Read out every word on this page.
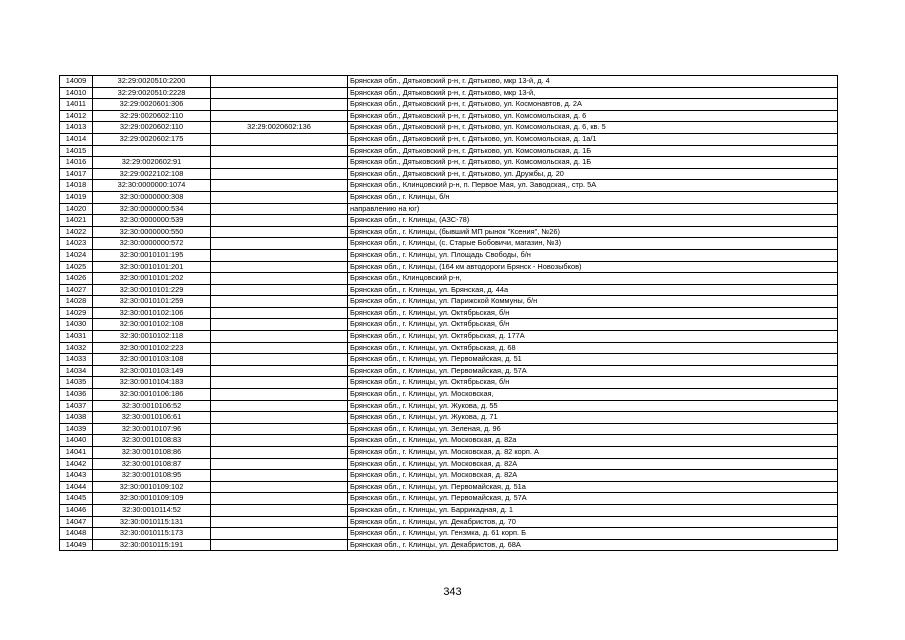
14009	32:29:0020510:2200		Брянская обл., Дятьковский р-н, г. Дятьково, мкр 13-й, д. 4
14010	32:29:0020510:2228		Брянская обл., Дятьковский р-н, г. Дятьково, мкр 13-й,
14011	32:29:0020601:306		Брянская обл., Дятьковский р-н, г. Дятьково, ул. Космонавтов, д. 2А
14012	32:29:0020602:110		Брянская обл., Дятьковский р-н, г. Дятьково, ул. Комсомольская, д. 6
14013	32:29:0020602:110	32:29:0020602:136	Брянская обл., Дятьковский р-н, г. Дятьково, ул. Комсомольская, д. 6, кв. 5
14014	32:29:0020602:175		Брянская обл., Дятьковский р-н, г. Дятьково, ул. Комсомольская, д. 1а/1
14015			Брянская обл., Дятьковский р-н, г. Дятьково, ул. Комсомольская, д. 1Б
14016	32:29:0020602:91		Брянская обл., Дятьковский р-н, г. Дятьково, ул. Комсомольская, д. 1Б
14017	32:29:0022102:108		Брянская обл., Дятьковский р-н, г. Дятьково, ул. Дружбы, д. 20
14018	32:30:0000000:1074		Брянская обл., Клинцовский р-н, п. Первое Мая, ул. Заводская,, стр. 5А
14019	32:30:0000000:308		Брянская обл., г. Клинцы, б/н
14020	32:30:0000000:534		направлению на юг)
14021	32:30:0000000:539		Брянская обл., г. Клинцы, (АЗС-78)
14022	32:30:0000000:550		Брянская обл., г. Клинцы, (бывший МП рынок "Ксения", №26)
14023	32:30:0000000:572		Брянская обл., г. Клинцы, (с. Старые Бобовичи, магазин, №3)
14024	32:30:0010101:195		Брянская обл., г. Клинцы, ул. Площадь Свободы, б/н
14025	32:30:0010101:201		Брянская обл., г. Клинцы, (164 км автодороги Брянск - Новозыбков)
14026	32:30:0010101:202		Брянская обл., Клинцовский р-н,
14027	32:30:0010101:229		Брянская обл., г. Клинцы, ул. Брянская, д. 44а
14028	32:30:0010101:259		Брянская обл., г. Клинцы, ул. Парижской Коммуны, б/н
14029	32:30:0010102:106		Брянская обл., г. Клинцы, ул. Октябрьская, б/н
14030	32:30:0010102:108		Брянская обл., г. Клинцы, ул. Октябрьская, б/н
14031	32:30:0010102:118		Брянская обл., г. Клинцы, ул. Октябрьская, д. 177А
14032	32:30:0010102:223		Брянская обл., г. Клинцы, ул. Октябрьская, д. 68
14033	32:30:0010103:108		Брянская обл., г. Клинцы, ул. Первомайская, д. 51
14034	32:30:0010103:149		Брянская обл., г. Клинцы, ул. Первомайская, д. 57А
14035	32:30:0010104:183		Брянская обл., г. Клинцы, ул. Октябрьская, б/н
14036	32:30:0010106:186		Брянская обл., г. Клинцы, ул. Московская,
14037	32:30:0010106:52		Брянская обл., г. Клинцы, ул. Жукова, д. 55
14038	32:30:0010106:61		Брянская обл., г. Клинцы, ул. Жукова, д. 71
14039	32:30:0010107:96		Брянская обл., г. Клинцы, ул. Зеленая, д. 96
14040	32:30:0010108:83		Брянская обл., г. Клинцы, ул. Московская, д. 82а
14041	32:30:0010108:86		Брянская обл., г. Клинцы, ул. Московская, д. 82 корп. А
14042	32:30:0010108:87		Брянская обл., г. Клинцы, ул. Московская, д. 82А
14043	32:30:0010108:95		Брянская обл., г. Клинцы, ул. Московская, д. 82А
14044	32:30:0010109:102		Брянская обл., г. Клинцы, ул. Первомайская, д. 51а
14045	32:30:0010109:109		Брянская обл., г. Клинцы, ул. Первомайская, д. 57А
14046	32:30:0010114:52		Брянская обл., г. Клинцы, ул. Баррикадная, д. 1
14047	32:30:0010115:131		Брянская обл., г. Клинцы, ул. Декабристов, д. 70
14048	32:30:0010115:173		Брянская обл., г. Клинцы, ул. Гензмка, д. 61 корп. Б
14049	32:30:0010115:191		Брянская обл., г. Клинцы, ул. Декабристов, д. 68А
343
